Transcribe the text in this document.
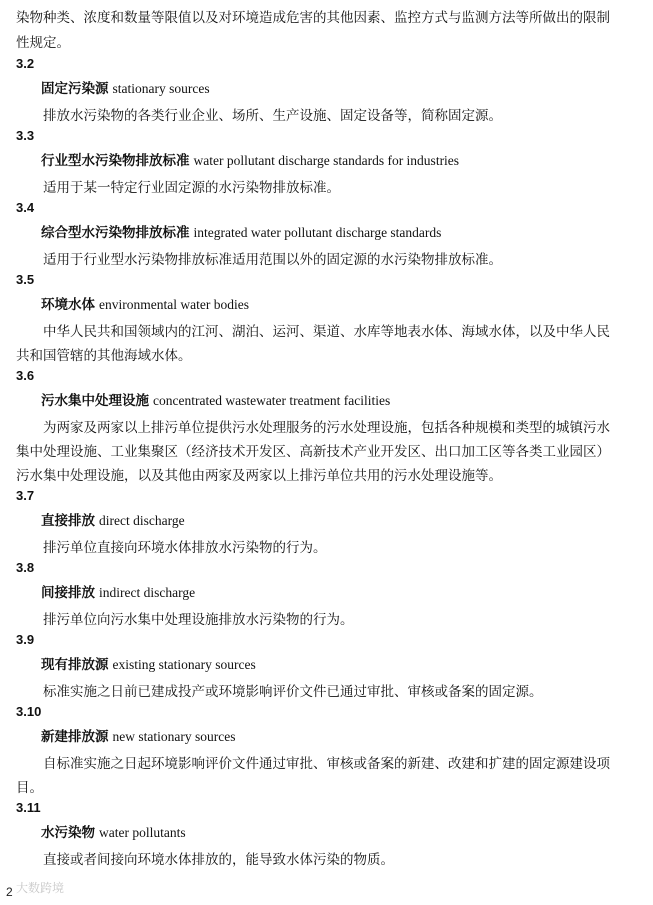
染物种类、浓度和数量等限值以及对环境造成危害的其他因素、监控方式与监测方法等所做出的限制
性规定。
3.2
固定污染源 stationary sources
排放水污染物的各类行业企业、场所、生产设施、固定设备等，简称固定源。
3.3
行业型水污染物排放标准 water pollutant discharge standards for industries
适用于某一特定行业固定源的水污染物排放标准。
3.4
综合型水污染物排放标准 integrated water pollutant discharge standards
适用于行业型水污染物排放标准适用范围以外的固定源的水污染物排放标准。
3.5
环境水体 environmental water bodies
中华人民共和国领域内的江河、湖泊、运河、渠道、水库等地表水体、海域水体，以及中华人民
共和国管辖的其他海域水体。
3.6
污水集中处理设施 concentrated wastewater treatment facilities
为两家及两家以上排污单位提供污水处理服务的污水处理设施，包括各种规模和类型的城镇污水
集中处理设施、工业集聚区（经济技术开发区、高新技术产业开发区、出口加工区等各类工业园区）
污水集中处理设施，以及其他由两家及两家以上排污单位共用的污水处理设施等。
3.7
直接排放 direct discharge
排污单位直接向环境水体排放水污染物的行为。
3.8
间接排放 indirect discharge
排污单位向污水集中处理设施排放水污染物的行为。
3.9
现有排放源 existing stationary sources
标准实施之日前已建成投产或环境影响评价文件已通过审批、审核或备案的固定源。
3.10
新建排放源 new stationary sources
自标准实施之日起环境影响评价文件通过审批、审核或备案的新建、改建和扩建的固定源建设项
目。
3.11
水污染物 water pollutants
直接或者间接向环境水体排放的，能导致水体污染的物质。
大数跨境
2
